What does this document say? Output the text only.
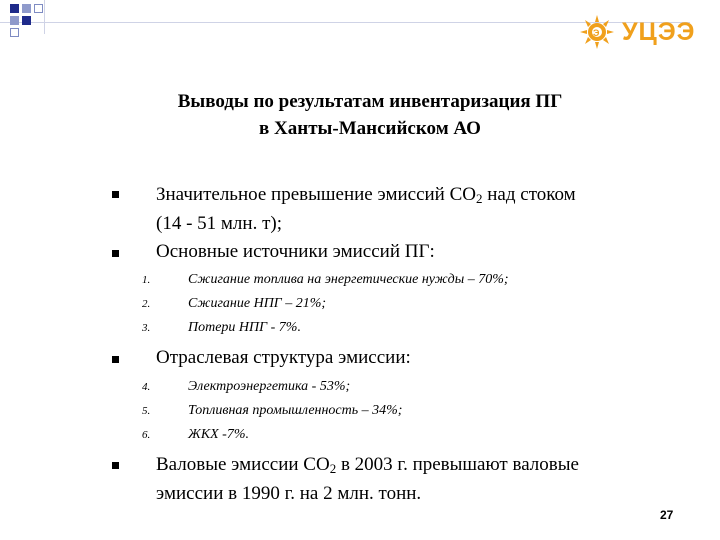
Э УЦЭЭ
Выводы по результатам инвентаризация ПГ
в Ханты-Мансийском АО
Значительное превышение эмиссий $СО_2$ над стоком
(14 - 51 млн. т);
Основные источники эмиссий ПГ:
1.	Сжигание топлива на энергетические нужды – 70%;
2.	Сжигание НПГ – 21%;
3.	Потери НПГ - 7%.
Отраслевая структура эмиссии:
4.	Электроэнергетика - 53%;
5.	Топливная промышленность – 34%;
6.	ЖКХ -7%.
Валовые эмиссии $СО_2$ в 2003 г. превышают валовые
эмиссии в 1990 г. на 2 млн. тонн.
27
